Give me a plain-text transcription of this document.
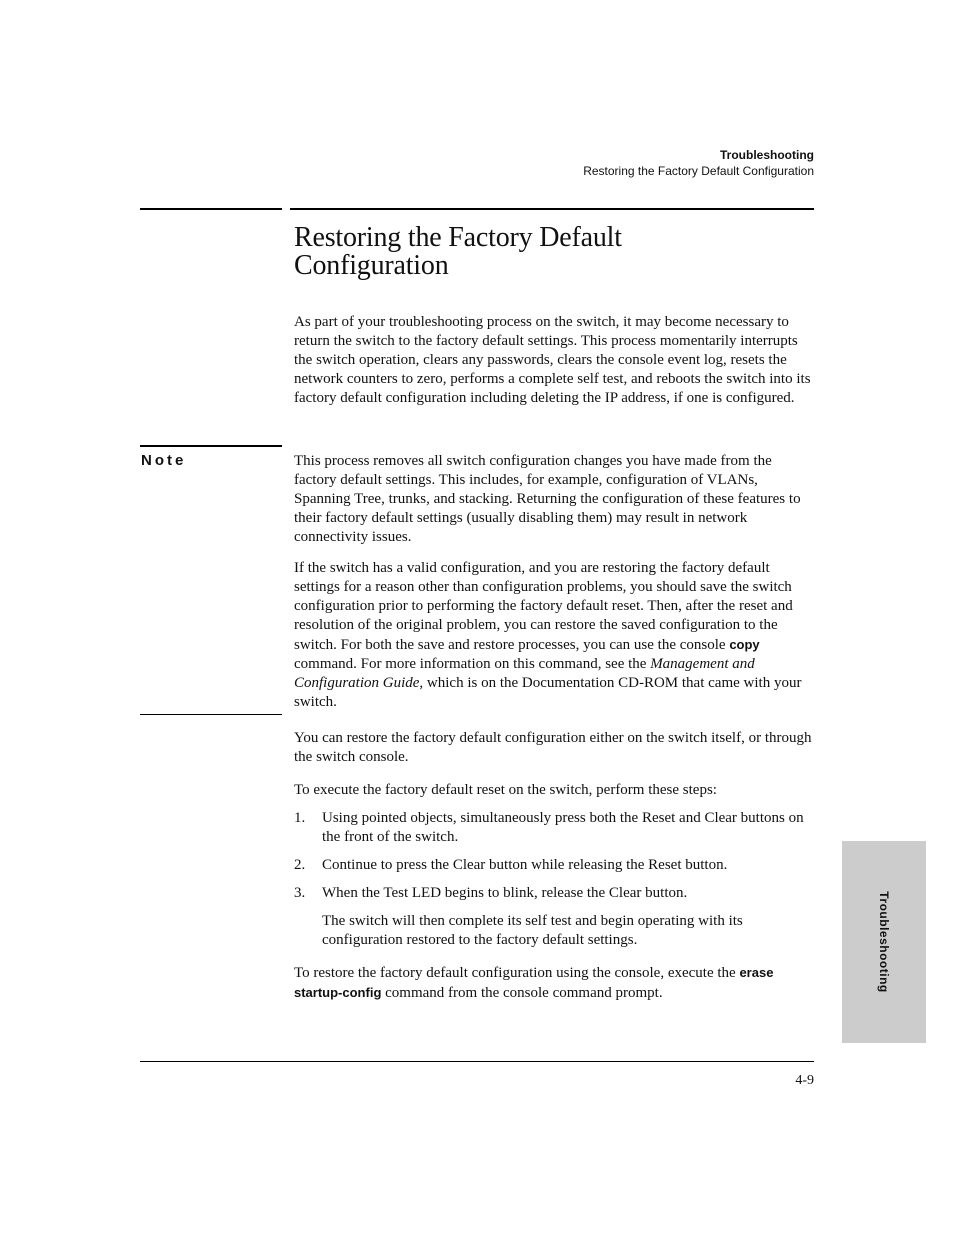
Troubleshooting
Restoring the Factory Default Configuration
Restoring the Factory Default
Configuration

As part of your troubleshooting process on the switch, it may become necessary to return the switch to the factory default settings. This process momentarily interrupts the switch operation, clears any passwords, clears the console event log, resets the network counters to zero, performs a complete self test, and reboots the switch into its factory default configuration including deleting the IP address, if one is configured.

Note	This process removes all switch configuration changes you have made from the factory default settings. This includes, for example, configuration of VLANs, Spanning Tree, trunks, and stacking. Returning the configuration of these features to their factory default settings (usually disabling them) may result in network connectivity issues.

If the switch has a valid configuration, and you are restoring the factory default settings for a reason other than configuration problems, you should save the switch configuration prior to performing the factory default reset. Then, after the reset and resolution of the original problem, you can restore the saved configuration to the switch. For both the save and restore processes, you can use the console copy command. For more information on this command, see the Management and Configuration Guide, which is on the Documentation CD-ROM that came with your switch.

You can restore the factory default configuration either on the switch itself, or through the switch console.

To execute the factory default reset on the switch, perform these steps:

1.	Using pointed objects, simultaneously press both the Reset and Clear buttons on the front of the switch.
2.	Continue to press the Clear button while releasing the Reset button.
3.	When the Test LED begins to blink, release the Clear button.

The switch will then complete its self test and begin operating with its configuration restored to the factory default settings.

To restore the factory default configuration using the console, execute the erase startup-config command from the console command prompt.

Troubleshooting
4-9
